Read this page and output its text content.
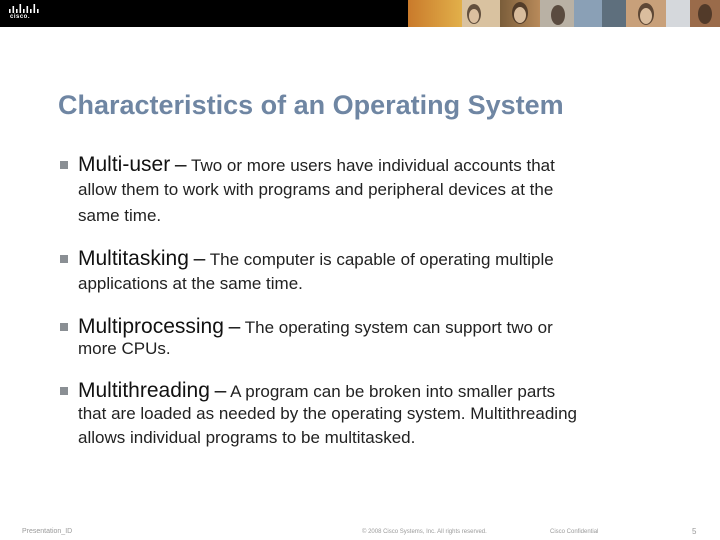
cisco.
Characteristics of an Operating System
Multi-user – Two or more users have individual accounts that
allow them to work with programs and peripheral devices at the
same time.
Multitasking – The computer is capable of operating multiple
applications at the same time.
Multiprocessing – The operating system can support two or
more CPUs.
Multithreading – A program can be broken into smaller parts
that are loaded as needed by the operating system. Multithreading
allows individual programs to be multitasked.
Presentation_ID	© 2008 Cisco Systems, Inc. All rights reserved.	Cisco Confidential	5
